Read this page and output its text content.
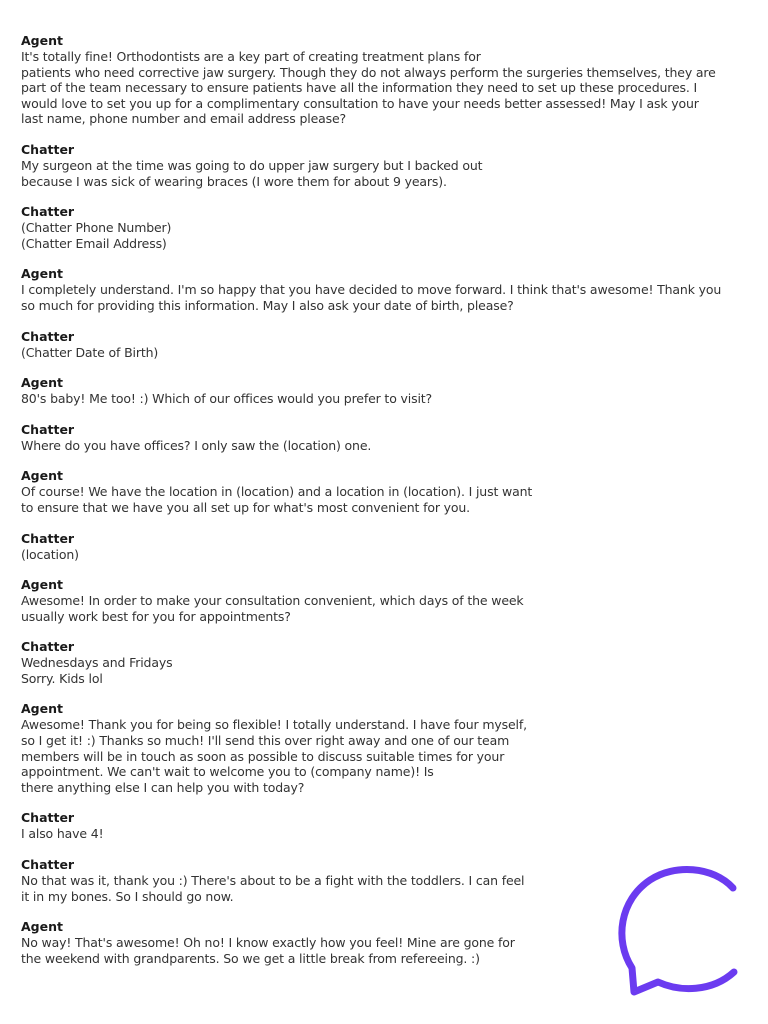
Agent
It's totally fine! Orthodontists are a key part of creating treatment plans for
patients who need corrective jaw surgery. Though they do not always perform the surgeries themselves, they are
part of the team necessary to ensure patients have all the information they need to set up these procedures. I
would love to set you up for a complimentary consultation to have your needs better assessed! May I ask your
last name, phone number and email address please?
Chatter
My surgeon at the time was going to do upper jaw surgery but I backed out
because I was sick of wearing braces (I wore them for about 9 years).
Chatter
(Chatter Phone Number)
(Chatter Email Address)
Agent
I completely understand. I'm so happy that you have decided to move forward. I think that's awesome! Thank you
so much for providing this information. May I also ask your date of birth, please?
Chatter
(Chatter Date of Birth)
Agent
80's baby! Me too! :) Which of our offices would you prefer to visit?
Chatter
Where do you have offices? I only saw the (location) one.
Agent
Of course! We have the location in (location) and a location in (location). I just want
to ensure that we have you all set up for what's most convenient for you.
Chatter
(location)
Agent
Awesome! In order to make your consultation convenient, which days of the week
usually work best for you for appointments?
Chatter
Wednesdays and Fridays
Sorry. Kids lol
Agent
Awesome! Thank you for being so flexible! I totally understand. I have four myself,
so I get it! :) Thanks so much! I'll send this over right away and one of our team
members will be in touch as soon as possible to discuss suitable times for your
appointment. We can't wait to welcome you to (company name)! Is
there anything else I can help you with today?
Chatter
I also have 4!
Chatter
No that was it, thank you :) There's about to be a fight with the toddlers. I can feel
it in my bones. So I should go now.
Agent
No way! That's awesome! Oh no! I know exactly how you feel! Mine are gone for
the weekend with grandparents. So we get a little break from refereeing. :)
